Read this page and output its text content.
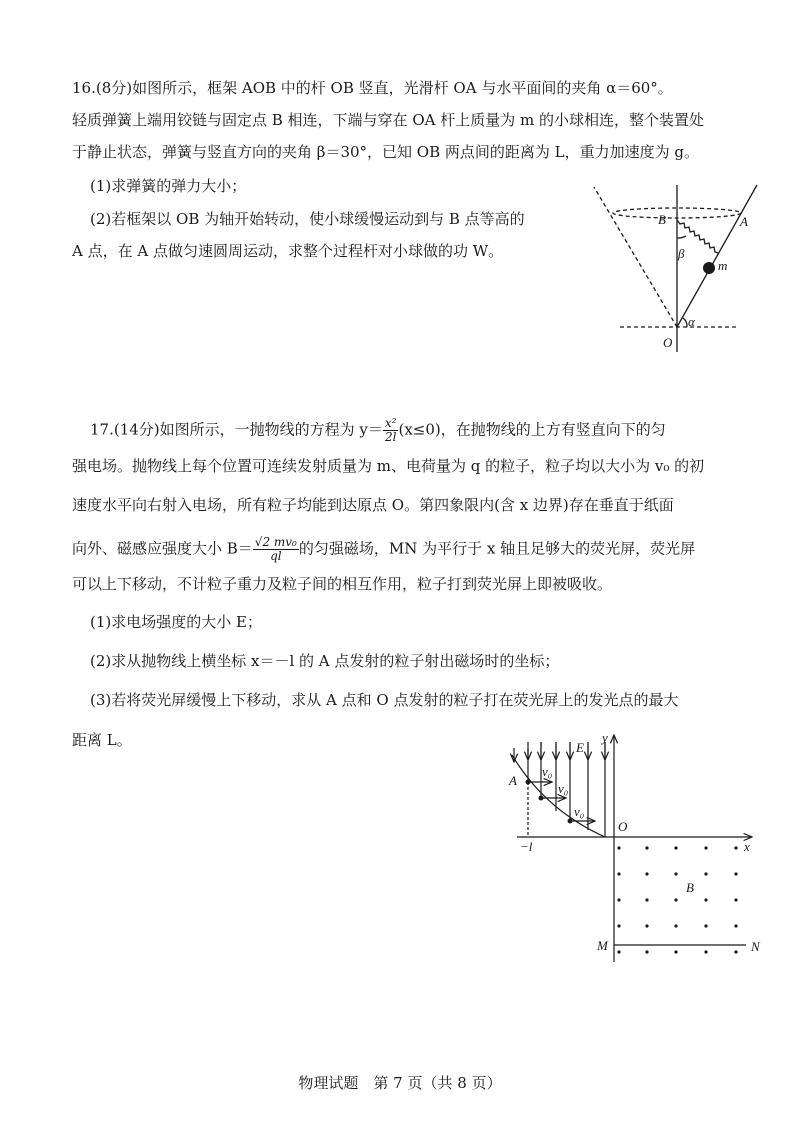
16.(8分)如图所示，框架 AOB 中的杆 OB 竖直，光滑杆 OA 与水平面间的夹角 α＝60°。
轻质弹簧上端用铰链与固定点 B 相连，下端与穿在 OA 杆上质量为 m 的小球相连，整个装置处
于静止状态，弹簧与竖直方向的夹角 β＝30°，已知 OB 两点间的距离为 L，重力加速度为 g。
(1)求弹簧的弹力大小；
(2)若框架以 OB 为轴开始转动，使小球缓慢运动到与 B 点等高的
A 点，在 A 点做匀速圆周运动，求整个过程杆对小球做的功 W。
B	A
β
m
α
O
17.(14分)如图所示，一抛物线的方程为 $y= \frac{\text{x²}}{2l} (x\le 0)$，在抛物线的上方有竖直向下的匀
强电场。抛物线上每个位置可连续发射质量为 m、电荷量为 q 的粒子，粒子均以大小为 v₀ 的初
速度水平向右射入电场，所有粒子均能到达原点 O。第四象限内(含 x 边界)存在垂直于纸面
向外、磁感应强度大小 $B= \frac{\text{√2 mv₀}}{ql}$ 的匀强磁场，MN 为平行于 x 轴且足够大的荧光屏，荧光屏
可以上下移动，不计粒子重力及粒子间的相互作用，粒子打到荧光屏上即被吸收。
(1)求电场强度的大小 E；
(2)求从抛物线上横坐标 x＝－l 的 A 点发射的粒子射出磁场时的坐标；
(3)若将荧光屏缓慢上下移动，求从 A 点和 O 点发射的粒子打在荧光屏上的发光点的最大
距离 L。	y
x
E
A
v₀
v₀
v₀
O
−l
B
M	N
物理试题　第 7 页（共 8 页）
